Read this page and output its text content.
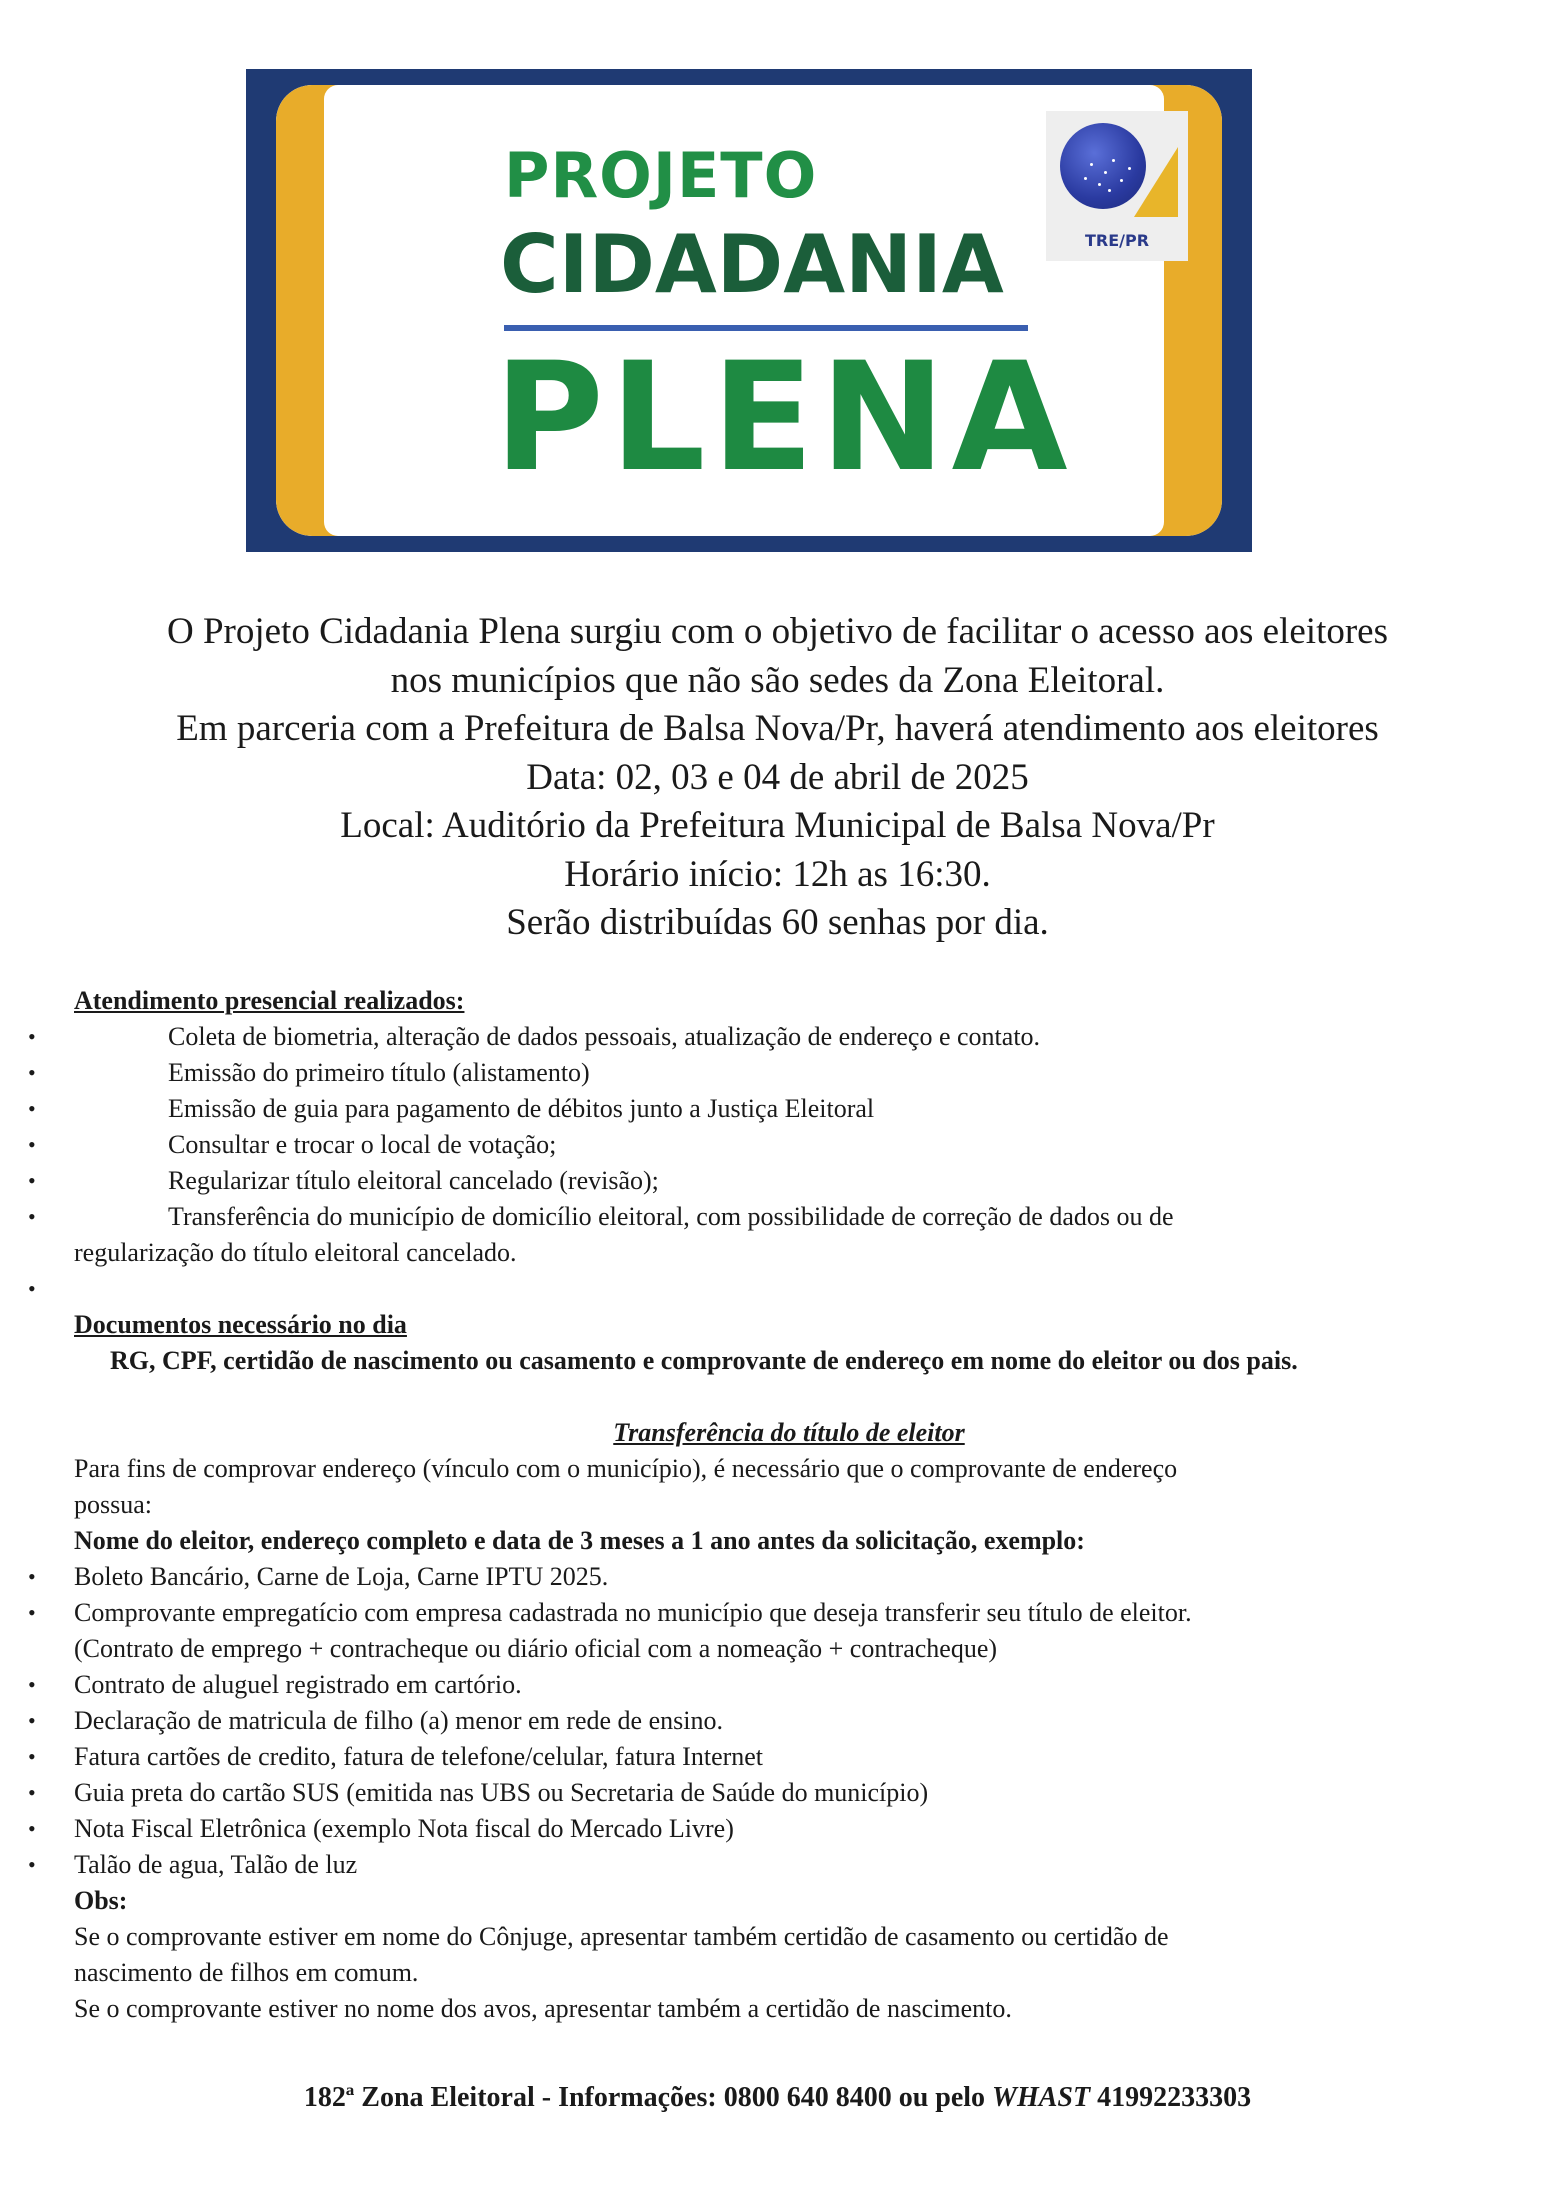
PROJETO
CIDADANIA
PLENA
TRE/PR
O Projeto Cidadania Plena surgiu com o objetivo de facilitar o acesso aos eleitores
nos municípios que não são sedes da Zona Eleitoral.
Em parceria com a Prefeitura de Balsa Nova/Pr, haverá atendimento aos eleitores
Data: 02, 03 e 04 de abril de 2025
Local: Auditório da Prefeitura Municipal de Balsa Nova/Pr
Horário início: 12h as 16:30.
Serão distribuídas 60 senhas por dia.
Atendimento presencial realizados:
•	Coleta de biometria, alteração de dados pessoais, atualização de endereço e contato.
•	Emissão do primeiro título (alistamento)
•	Emissão de guia para pagamento de débitos junto a Justiça Eleitoral
•	Consultar e trocar o local de votação;
•	Regularizar título eleitoral cancelado (revisão);
•	Transferência do município de domicílio eleitoral, com possibilidade de correção de dados ou de
regularização do título eleitoral cancelado.
•
Documentos necessário no dia
RG, CPF, certidão de nascimento ou casamento e comprovante de endereço em nome do eleitor ou dos pais.
Transferência do título de eleitor
Para fins de comprovar endereço (vínculo com o município), é necessário que o comprovante de endereço
possua:
Nome do eleitor, endereço completo e data de 3 meses a 1 ano antes da solicitação, exemplo:
• Boleto Bancário, Carne de Loja, Carne IPTU 2025.
• Comprovante empregatício com empresa cadastrada no município que deseja transferir seu título de eleitor.
(Contrato de emprego + contracheque ou diário oficial com a nomeação + contracheque)
• Contrato de aluguel registrado em cartório.
• Declaração de matricula de filho (a) menor em rede de ensino.
• Fatura cartões de credito, fatura de telefone/celular, fatura Internet
• Guia preta do cartão SUS (emitida nas UBS ou Secretaria de Saúde do município)
• Nota Fiscal Eletrônica (exemplo Nota fiscal do Mercado Livre)
• Talão de agua, Talão de luz
Obs:
Se o comprovante estiver em nome do Cônjuge, apresentar também certidão de casamento ou certidão de
nascimento de filhos em comum.
Se o comprovante estiver no nome dos avos, apresentar também a certidão de nascimento.
182ª Zona Eleitoral - Informações: 0800 640 8400 ou pelo WHAST 41992233303
